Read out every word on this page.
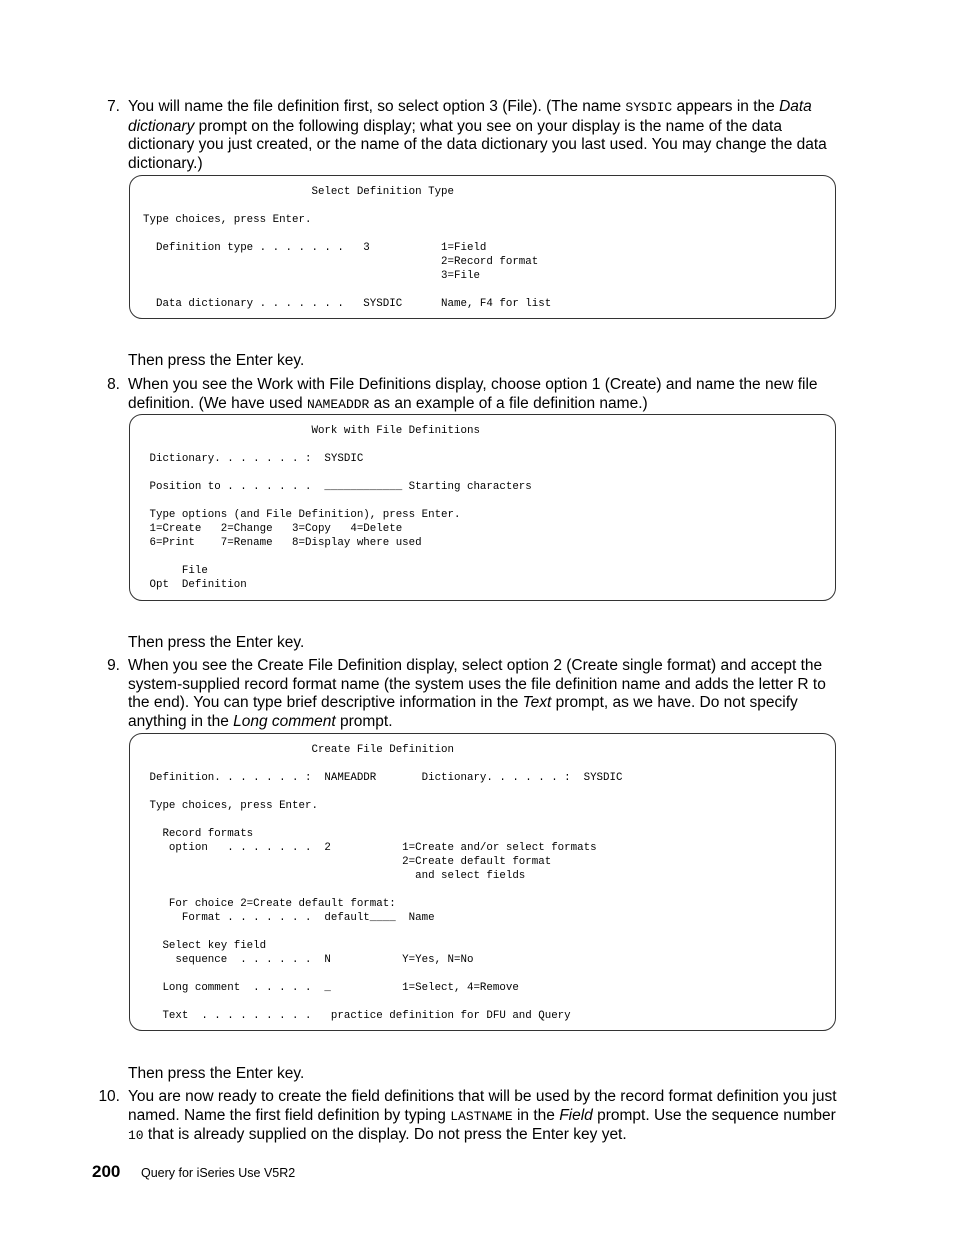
7. You will name the file definition first, so select option 3 (File). (The name SYSDIC appears in the Data dictionary prompt on the following display; what you see on your display is the name of the data dictionary you just created, or the name of the data dictionary you last used. You may change the data dictionary.)
Select Definition Type

Type choices, press Enter.

Definition type . . . . . . .   3           1=Field
2=Record format
3=File

Data dictionary . . . . . . .   SYSDIC      Name, F4 for list
Then press the Enter key.
8. When you see the Work with File Definitions display, choose option 1 (Create) and name the new file definition. (We have used NAMEADDR as an example of a file definition name.)
Work with File Definitions

Dictionary. . . . . . . :  SYSDIC

Position to . . . . . . .  ____________ Starting characters

Type options (and File Definition), press Enter.
1=Create   2=Change   3=Copy   4=Delete
6=Print    7=Rename   8=Display where used

File
Opt  Definition
Then press the Enter key.
9. When you see the Create File Definition display, select option 2 (Create single format) and accept the system-supplied record format name (the system uses the file definition name and adds the letter R to the end). You can type brief descriptive information in the Text prompt, as we have. Do not specify anything in the Long comment prompt.
Create File Definition

Definition. . . . . . . :  NAMEADDR       Dictionary. . . . . . :  SYSDIC

Type choices, press Enter.

Record formats
option   . . . . . . .  2           1=Create and/or select formats
2=Create default format
and select fields

For choice 2=Create default format:
Format . . . . . . .  default____  Name

Select key field
sequence  . . . . . .  N           Y=Yes, N=No

Long comment  . . . . .  _           1=Select, 4=Remove

Text  . . . . . . . . .   practice definition for DFU and Query
Then press the Enter key.
10. You are now ready to create the field definitions that will be used by the record format definition you just named. Name the first field definition by typing LASTNAME in the Field prompt. Use the sequence number 10 that is already supplied on the display. Do not press the Enter key yet.
200 Query for iSeries Use V5R2
